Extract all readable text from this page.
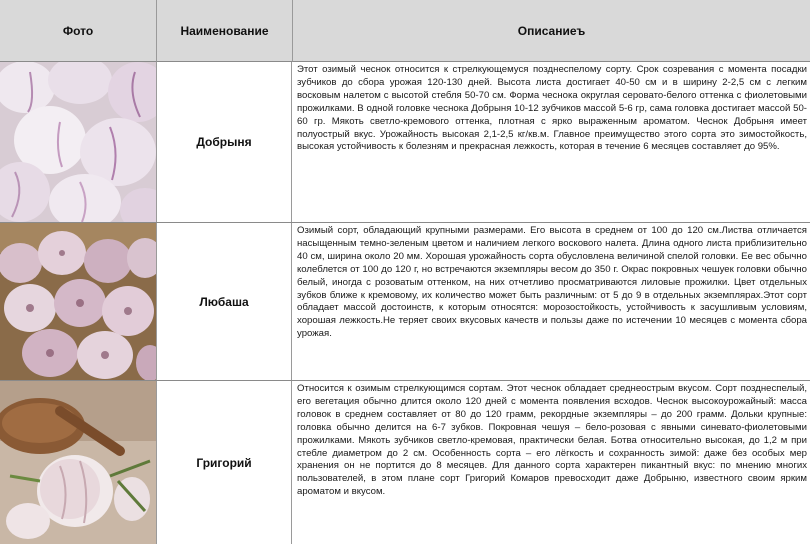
Фото	Наименование	Описаниеъ
Добрыня
Этот озимый чеснок относится к стрелкующемуся позднеспелому сорту. Срок созревания с момента посадки зубчиков до сбора урожая 120-130 дней. Высота листа достигает 40-50 см и в ширину 2-2,5 см с легким восковым налетом с высотой стебля 50-70 см. Форма чеснока округлая серовато-белого оттенка с фиолетовыми прожилками. В одной головке чеснока Добрыня 10-12 зубчиков массой 5-6 гр, сама головка достигает массой 50-60 гр. Мякоть светло-кремового оттенка, плотная с ярко выраженным ароматом. Чеснок Добрыня имеет полуострый вкус. Урожайность высокая 2,1-2,5 кг/кв.м. Главное преимущество этого сорта это зимостойкость, высокая устойчивость к болезням и прекрасная лежкость, которая в течение 6 месяцев составляет до 95%.
Любаша
Озимый сорт, обладающий крупными размерами. Его высота в среднем от 100 до 120 см.Листва отличается насыщенным темно-зеленым цветом и наличием легкого воскового налета. Длина одного листа приблизительно 40 см, ширина около 20 мм. Хорошая урожайность сорта обусловлена величиной спелой головки. Ее вес обычно колеблется от 100 до 120 г, но встречаются экземпляры весом до 350 г. Окрас покровных чешуек головки обычно белый, иногда с розоватым оттенком, на них отчетливо просматриваются лиловые прожилки. Цвет отдельных зубков ближе к кремовому, их количество может быть различным: от 5 до 9 в отдельных экземплярах.Этот сорт обладает массой достоинств, к которым относятся: морозостойкость, устойчивость к засушливым условиям, хорошая лежкость.Не теряет своих вкусовых качеств и пользы даже по истечении 10 месяцев с момента сбора урожая.
Григорий
Относится к озимым стрелкующимся сортам. Этот чеснок обладает среднеострым вкусом. Сорт позднеспелый, его вегетация обычно длится около 120 дней с момента появления всходов. Чеснок высокоурожайный: масса головок в среднем составляет от 80 до 120 грамм, рекордные экземпляры – до 200 грамм. Дольки крупные: головка обычно делится на 6-7 зубков. Покровная чешуя – бело-розовая с явными синевато-фиолетовыми прожилками. Мякоть зубчиков светло-кремовая, практически белая. Ботва относительно высокая, до 1,2 м при стебле диаметром до 2 см. Особенность сорта – его лёгкость и сохранность зимой: даже без особых мер хранения он не портится до 8 месяцев. Для данного сорта характерен пикантный вкус: по мнению многих пользователей, в этом плане сорт Григорий Комаров превосходит даже Добрыню, известного своим ярким ароматом и вкусом.
